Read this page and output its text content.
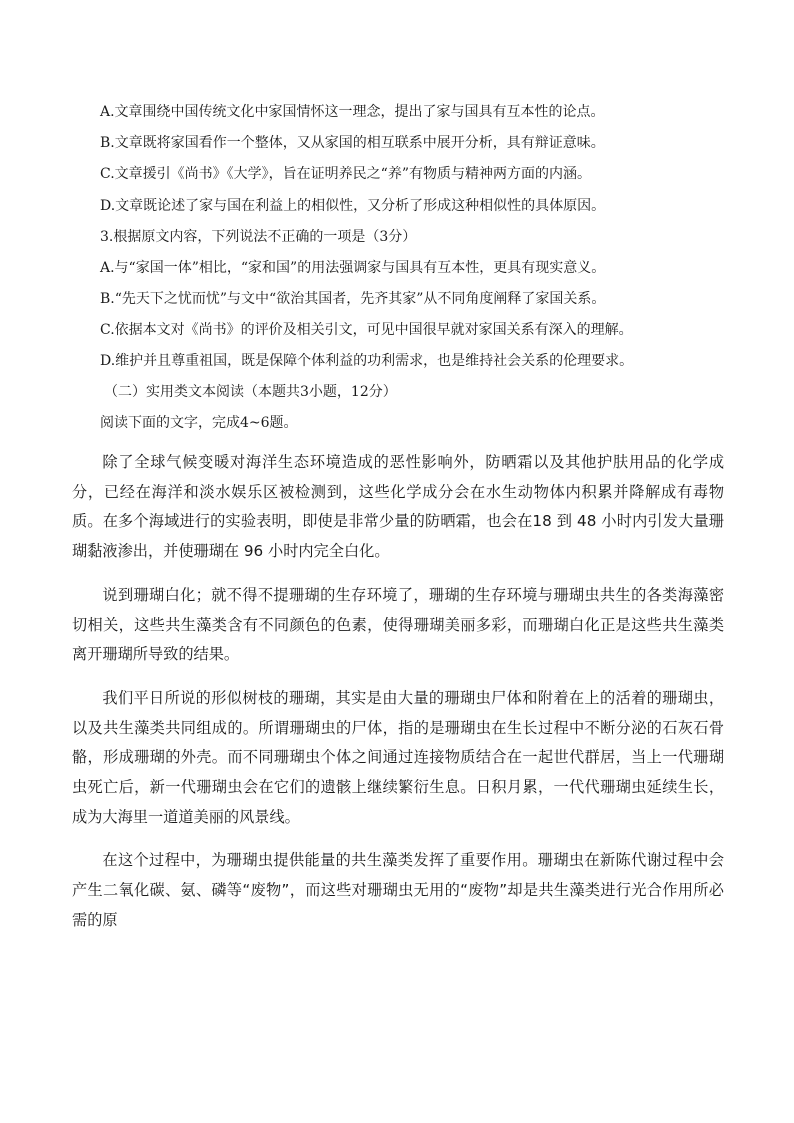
A.文章围绕中国传统文化中家国情怀这一理念，提出了家与国具有互本性的论点。
B.文章既将家国看作一个整体，又从家国的相互联系中展开分析，具有辩证意味。
C.文章援引《尚书》《大学》，旨在证明养民之“养”有物质与精神两方面的内涵。
D.文章既论述了家与国在利益上的相似性，又分析了形成这种相似性的具体原因。
3.根据原文内容，下列说法不正确的一项是（3分）
A.与“家国一体”相比，“家和国”的用法强调家与国具有互本性，更具有现实意义。
B.“先天下之忧而忧”与文中“欲治其国者，先齐其家”从不同角度阐释了家国关系。
C.依据本文对《尚书》的评价及相关引文，可见中国很早就对家国关系有深入的理解。
D.维护并且尊重祖国，既是保障个体利益的功利需求，也是维持社会关系的伦理要求。
（二）实用类文本阅读（本题共3小题，12分）
阅读下面的文字，完成4~6题。

除了全球气候变暖对海洋生态环境造成的恶性影响外，防晒霜以及其他护肤用品的化学成分，已经在海洋和淡水娱乐区被检测到，这些化学成分会在水生动物体内积累并降解成有毒物质。在多个海域进行的实验表明，即使是非常少量的防晒霜，也会在18 到 48 小时内引发大量珊瑚黏液渗出，并使珊瑚在 96 小时内完全白化。

说到珊瑚白化；就不得不提珊瑚的生存环境了，珊瑚的生存环境与珊瑚虫共生的各类海藻密切相关，这些共生藻类含有不同颜色的色素，使得珊瑚美丽多彩，而珊瑚白化正是这些共生藻类离开珊瑚所导致的结果。

我们平日所说的形似树枝的珊瑚，其实是由大量的珊瑚虫尸体和附着在上的活着的珊瑚虫，以及共生藻类共同组成的。所谓珊瑚虫的尸体，指的是珊瑚虫在生长过程中不断分泌的石灰石骨骼，形成珊瑚的外壳。而不同珊瑚虫个体之间通过连接物质结合在一起世代群居，当上一代珊瑚虫死亡后，新一代珊瑚虫会在它们的遗骸上继续繁衍生息。日积月累，一代代珊瑚虫延续生长，成为大海里一道道美丽的风景线。

在这个过程中，为珊瑚虫提供能量的共生藻类发挥了重要作用。珊瑚虫在新陈代谢过程中会产生二氧化碳、氨、磷等“废物”，而这些对珊瑚虫无用的“废物”却是共生藻类进行光合作用所必需的原
